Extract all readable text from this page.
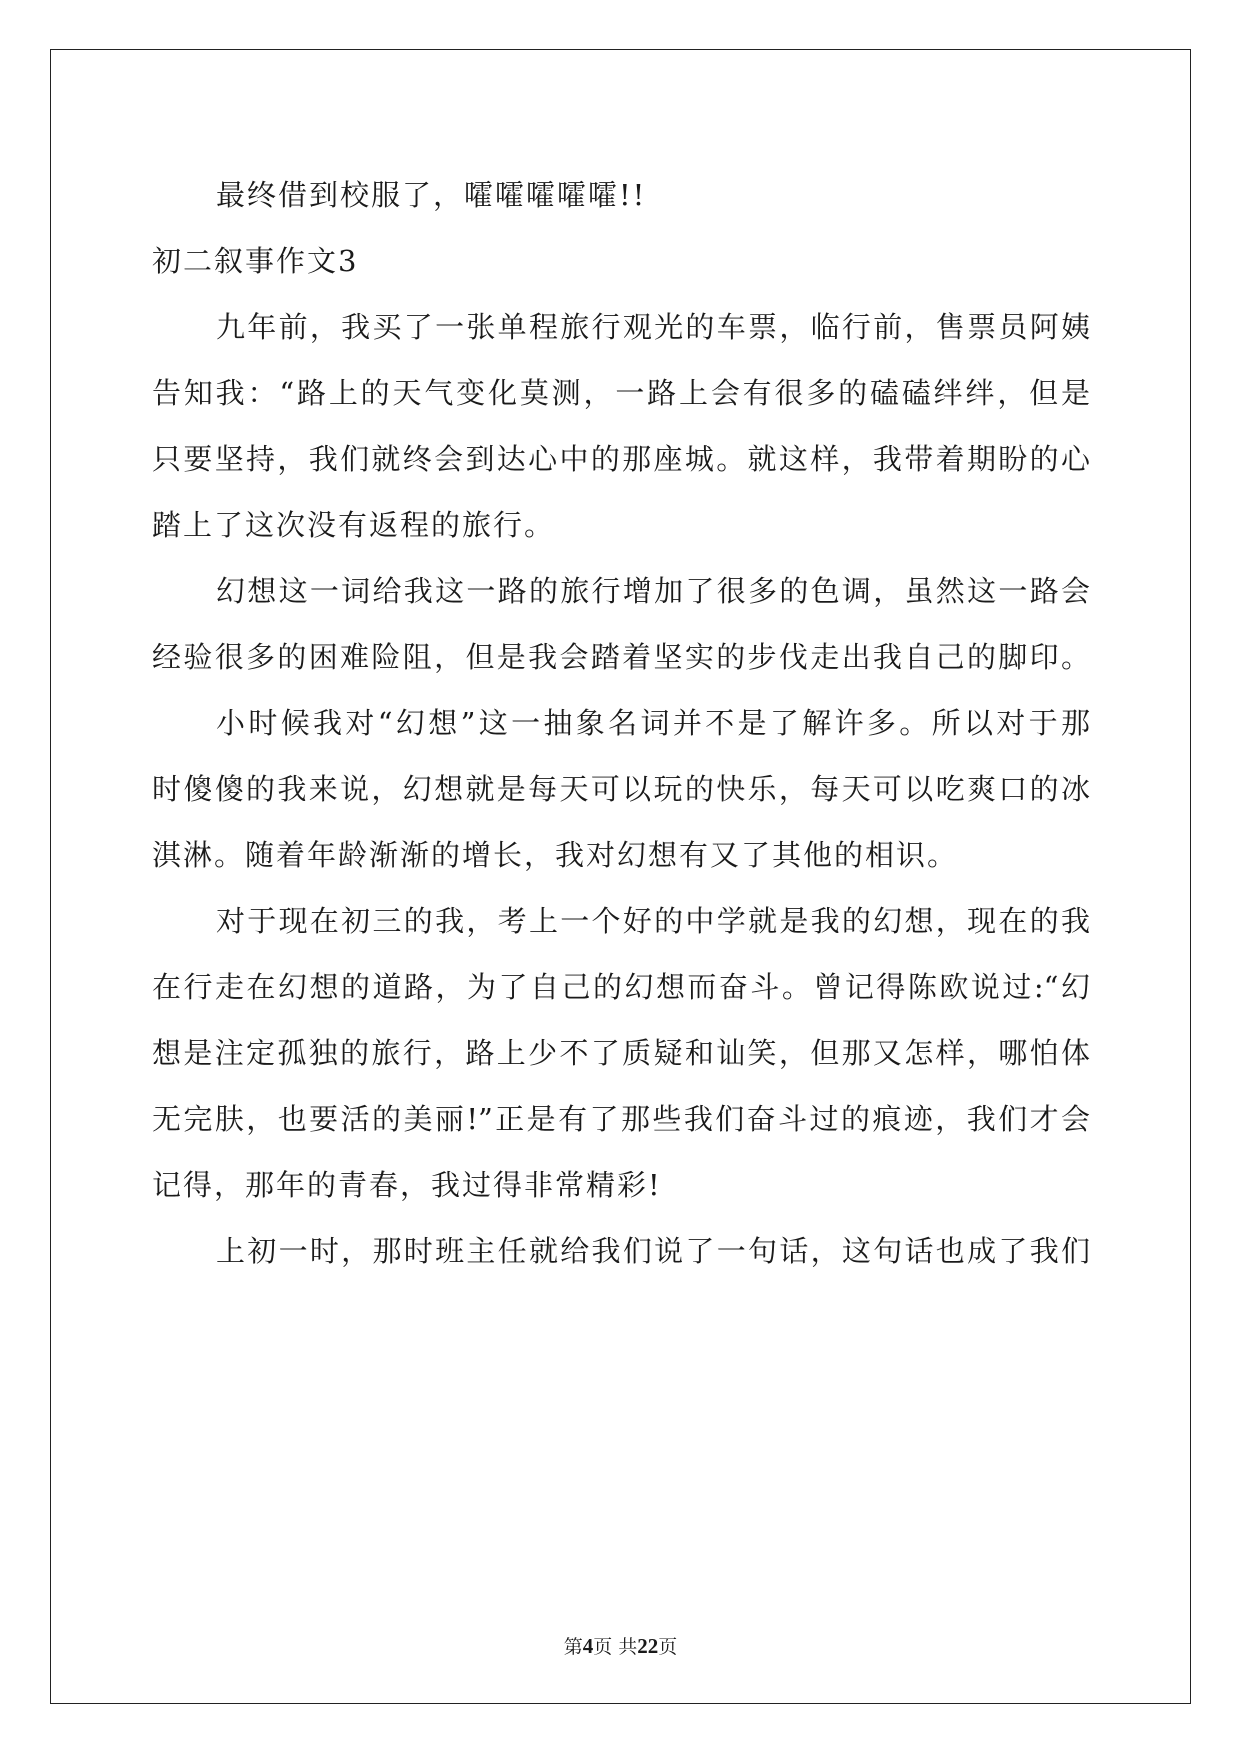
最终借到校服了，嚯嚯嚯嚯嚯!!
初二叙事作文3
九年前，我买了一张单程旅行观光的车票，临行前，售票员阿姨
告知我：“路上的天气变化莫测，一路上会有很多的磕磕绊绊，但是
只要坚持，我们就终会到达心中的那座城。就这样，我带着期盼的心
踏上了这次没有返程的旅行。
幻想这一词给我这一路的旅行增加了很多的色调，虽然这一路会
经验很多的困难险阻，但是我会踏着坚实的步伐走出我自己的脚印。
小时候我对“幻想”这一抽象名词并不是了解许多。所以对于那
时傻傻的我来说，幻想就是每天可以玩的快乐，每天可以吃爽口的冰
淇淋。随着年龄渐渐的增长，我对幻想有又了其他的相识。
对于现在初三的我，考上一个好的中学就是我的幻想，现在的我
在行走在幻想的道路，为了自己的幻想而奋斗。曾记得陈欧说过:“幻
想是注定孤独的旅行，路上少不了质疑和讪笑，但那又怎样，哪怕体
无完肤，也要活的美丽!”正是有了那些我们奋斗过的痕迹，我们才会
记得，那年的青春，我过得非常精彩!
上初一时，那时班主任就给我们说了一句话，这句话也成了我们
第4页 共22页
